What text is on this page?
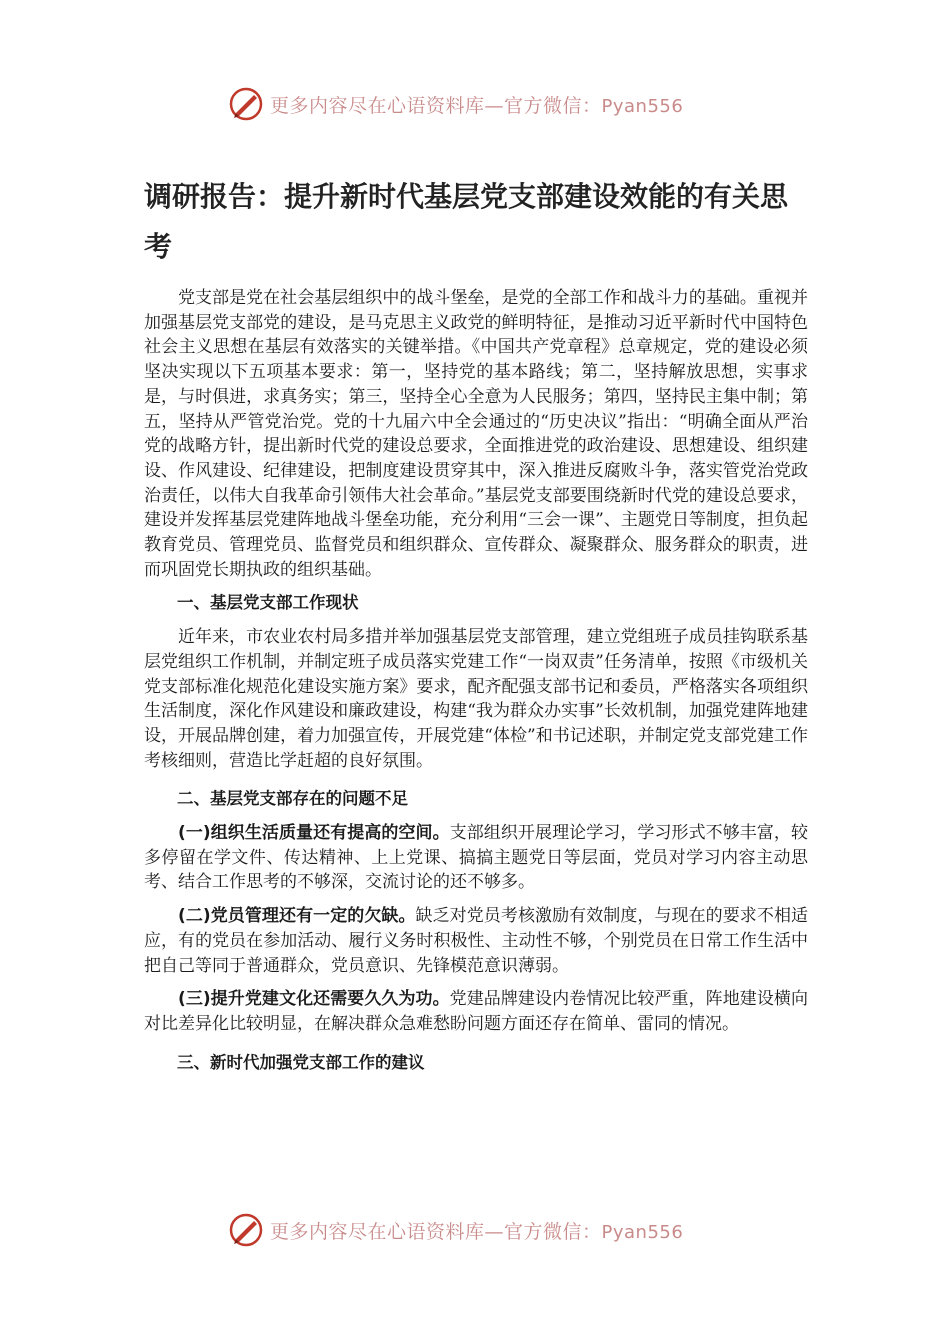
更多内容尽在心语资料库—官方微信：Pyan556
调研报告：提升新时代基层党支部建设效能的有关思考

党支部是党在社会基层组织中的战斗堡垒，是党的全部工作和战斗力的基础。重视并加强基层党支部党的建设，是马克思主义政党的鲜明特征，是推动习近平新时代中国特色社会主义思想在基层有效落实的关键举措。《中国共产党章程》总章规定，党的建设必须坚决实现以下五项基本要求：第一，坚持党的基本路线；第二，坚持解放思想，实事求是，与时俱进，求真务实；第三，坚持全心全意为人民服务；第四，坚持民主集中制；第五，坚持从严管党治党。党的十九届六中全会通过的“历史决议”指出：“明确全面从严治党的战略方针，提出新时代党的建设总要求，全面推进党的政治建设、思想建设、组织建设、作风建设、纪律建设，把制度建设贯穿其中，深入推进反腐败斗争，落实管党治党政治责任，以伟大自我革命引领伟大社会革命。”基层党支部要围绕新时代党的建设总要求，建设并发挥基层党建阵地战斗堡垒功能，充分利用“三会一课”、主题党日等制度，担负起教育党员、管理党员、监督党员和组织群众、宣传群众、凝聚群众、服务群众的职责，进而巩固党长期执政的组织基础。

一、基层党支部工作现状

近年来，市农业农村局多措并举加强基层党支部管理，建立党组班子成员挂钩联系基层党组织工作机制，并制定班子成员落实党建工作“一岗双责”任务清单，按照《市级机关党支部标准化规范化建设实施方案》要求，配齐配强支部书记和委员，严格落实各项组织生活制度，深化作风建设和廉政建设，构建“我为群众办实事”长效机制，加强党建阵地建设，开展品牌创建，着力加强宣传，开展党建“体检”和书记述职，并制定党支部党建工作考核细则，营造比学赶超的良好氛围。

二、基层党支部存在的问题不足

(一)组织生活质量还有提高的空间。支部组织开展理论学习，学习形式不够丰富，较多停留在学文件、传达精神、上上党课、搞搞主题党日等层面，党员对学习内容主动思考、结合工作思考的不够深，交流讨论的还不够多。

(二)党员管理还有一定的欠缺。缺乏对党员考核激励有效制度，与现在的要求不相适应，有的党员在参加活动、履行义务时积极性、主动性不够，个别党员在日常工作生活中把自己等同于普通群众，党员意识、先锋模范意识薄弱。

(三)提升党建文化还需要久久为功。党建品牌建设内卷情况比较严重，阵地建设横向对比差异化比较明显，在解决群众急难愁盼问题方面还存在简单、雷同的情况。

三、新时代加强党支部工作的建议
更多内容尽在心语资料库—官方微信：Pyan556
